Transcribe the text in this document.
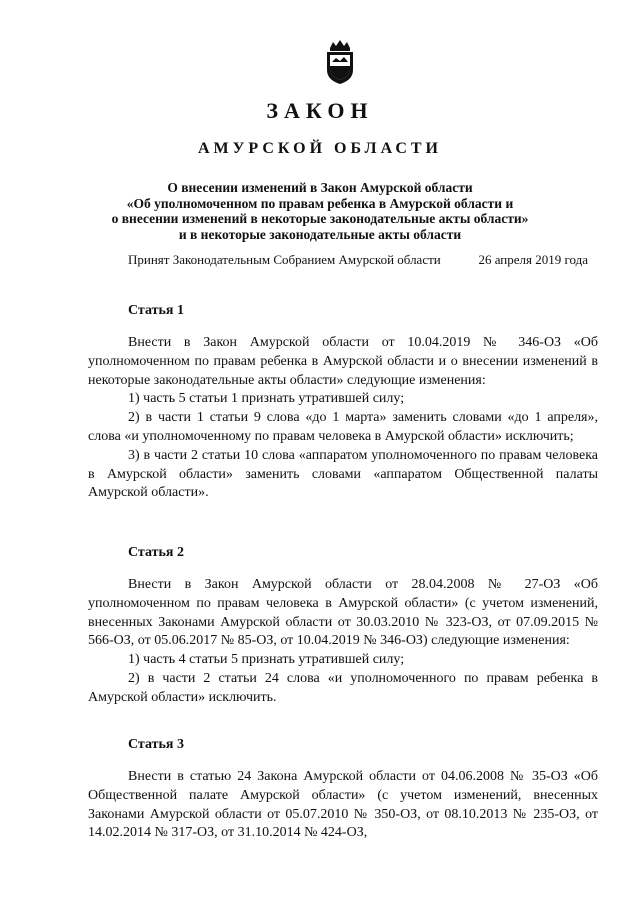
ЗАКОН
АМУРСКОЙ ОБЛАСТИ
О внесении изменений в Закон Амурской области
«Об уполномоченном по правам ребенка в Амурской области и
о внесении изменений в некоторые законодательные акты области»
и в некоторые законодательные акты области
Принят Законодательным Собранием Амурской области	26 апреля 2019 года
Статья 1

Внести в Закон Амурской области от 10.04.2019 № 346-ОЗ «Об уполномоченном по правам ребенка в Амурской области и о внесении изменений в некоторые законодательные акты области» следующие изменения:

1) часть 5 статьи 1 признать утратившей силу;

2) в части 1 статьи 9 слова «до 1 марта» заменить словами «до 1 апреля», слова «и уполномоченному по правам человека в Амурской области» исключить;

3) в части 2 статьи 10 слова «аппаратом уполномоченного по правам человека в Амурской области» заменить словами «аппаратом Общественной палаты Амурской области».

Статья 2

Внести в Закон Амурской области от 28.04.2008 № 27-ОЗ «Об уполномоченном по правам человека в Амурской области» (с учетом изменений, внесенных Законами Амурской области от 30.03.2010 № 323-ОЗ, от 07.09.2015 № 566-ОЗ, от 05.06.2017 № 85-ОЗ, от 10.04.2019 № 346-ОЗ) следующие изменения:

1) часть 4 статьи 5 признать утратившей силу;

2) в части 2 статьи 24 слова «и уполномоченного по правам ребенка в Амурской области» исключить.

Статья 3

Внести в статью 24 Закона Амурской области от 04.06.2008 № 35-ОЗ «Об Общественной палате Амурской области» (с учетом изменений, внесенных Законами Амурской области от 05.07.2010 № 350-ОЗ, от 08.10.2013 № 235-ОЗ, от 14.02.2014 № 317-ОЗ, от 31.10.2014 № 424-ОЗ,
